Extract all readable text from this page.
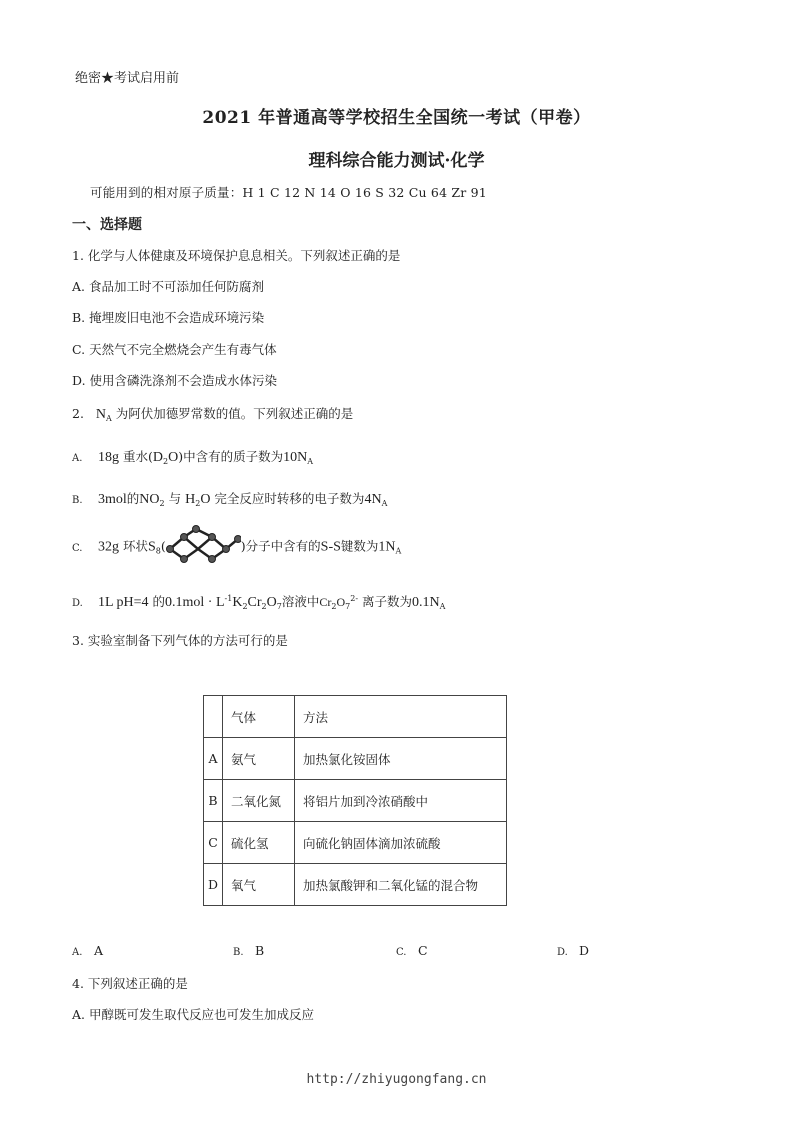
绝密★考试启用前
2021 年普通高等学校招生全国统一考试（甲卷）
理科综合能力测试·化学
可能用到的相对原子质量：H 1 C 12 N 14 O 16 S 32 Cu 64 Zr 91
一、选择题
1. 化学与人体健康及环境保护息息相关。下列叙述正确的是
A. 食品加工时不可添加任何防腐剂
B. 掩埋废旧电池不会造成环境污染
C. 天然气不完全燃烧会产生有毒气体
D. 使用含磷洗涤剂不会造成水体污染
2. $N_A$ 为阿伏加德罗常数的值。下列叙述正确的是
A. 18g 重水$(D_2O)$中含有的质子数为$10N_A$
B. 3mol的$NO_2$ 与 $H_2O$ 完全反应时转移的电子数为$4N_A$
C. 32g 环状$S_8$(	)分子中含有的S-S键数为$1N_A$
D. 1L pH=4 的$0.1mol \cdot L^{-1}K_2Cr_2O_7$溶液中$Cr_2O_7^{2-}$ 离子数为$0.1N_A$
3. 实验室制备下列气体的方法可行的是
	气体	方法
A	氨气	加热氯化铵固体
B	二氧化氮	将铝片加到冷浓硝酸中
C	硫化氢	向硫化钠固体滴加浓硫酸
D	氧气	加热氯酸钾和二氧化锰的混合物
A. A	B. B	C. C	D. D
4. 下列叙述正确的是
A. 甲醇既可发生取代反应也可发生加成反应
http://zhiyugongfang.cn
